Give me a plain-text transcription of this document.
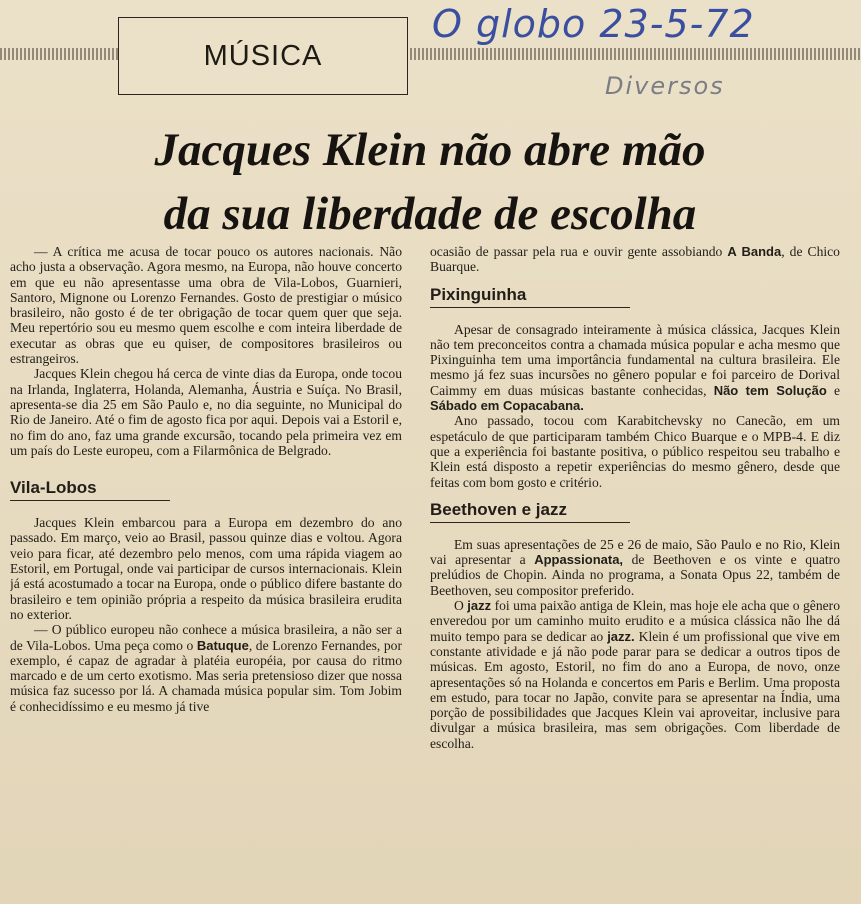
MÚSICA
O globo 23-5-72
Diversos
Jacques Klein não abre mão
da sua liberdade de escolha

— A crítica me acusa de tocar pouco os autores nacionais. Não acho justa a observação. Agora mesmo, na Europa, não houve concerto em que eu não apresentasse uma obra de Vila-Lobos, Guarnieri, Santoro, Mignone ou Lorenzo Fernandes. Gosto de prestigiar o músico brasileiro, não gosto é de ter obrigação de tocar quem quer que seja. Meu repertório sou eu mesmo quem escolhe e com inteira liberdade de executar as obras que eu quiser, de compositores brasileiros ou estrangeiros.

Jacques Klein chegou há cerca de vinte dias da Europa, onde tocou na Irlanda, Inglaterra, Holanda, Alemanha, Áustria e Suíça. No Brasil, apresenta-se dia 25 em São Paulo e, no dia seguinte, no Municipal do Rio de Janeiro. Até o fim de agosto fica por aqui. Depois vai a Estoril e, no fim do ano, faz uma grande excursão, tocando pela primeira vez em um país do Leste europeu, com a Filarmônica de Belgrado.

Vila-Lobos

Jacques Klein embarcou para a Europa em dezembro do ano passado. Em março, veio ao Brasil, passou quinze dias e voltou. Agora veio para ficar, até dezembro pelo menos, com uma rápida viagem ao Estoril, em Portugal, onde vai participar de cursos internacionais. Klein já está acostumado a tocar na Europa, onde o público difere bastante do brasileiro e tem opinião própria a respeito da música brasileira erudita no exterior.

— O público europeu não conhece a música brasileira, a não ser a de Vila-Lobos. Uma peça como o Batuque, de Lorenzo Fernandes, por exemplo, é capaz de agradar à platéia européia, por causa do ritmo marcado e de um certo exotismo. Mas seria pretensioso dizer que nossa música faz sucesso por lá. A chamada música popular sim. Tom Jobim é conhecidíssimo e eu mesmo já tive

ocasião de passar pela rua e ouvir gente assobiando A Banda, de Chico Buarque.

Pixinguinha

Apesar de consagrado inteiramente à música clássica, Jacques Klein não tem preconceitos contra a chamada música popular e acha mesmo que Pixinguinha tem uma importância fundamental na cultura brasileira. Ele mesmo já fez suas incursões no gênero popular e foi parceiro de Dorival Caimmy em duas músicas bastante conhecidas, Não tem Solução e Sábado em Copacabana.

Ano passado, tocou com Karabitchevsky no Canecão, em um espetáculo de que participaram também Chico Buarque e o MPB-4. E diz que a experiência foi bastante positiva, o público respeitou seu trabalho e Klein está disposto a repetir experiências do mesmo gênero, desde que feitas com bom gosto e critério.

Beethoven e jazz

Em suas apresentações de 25 e 26 de maio, São Paulo e no Rio, Klein vai apresentar a Appassionata, de Beethoven e os vinte e quatro prelúdios de Chopin. Ainda no programa, a Sonata Opus 22, também de Beethoven, seu compositor preferido.

O jazz foi uma paixão antiga de Klein, mas hoje ele acha que o gênero enveredou por um caminho muito erudito e a música clássica não lhe dá muito tempo para se dedicar ao jazz. Klein é um profissional que vive em constante atividade e já não pode parar para se dedicar a outros tipos de músicas. Em agosto, Estoril, no fim do ano a Europa, de novo, onze apresentações só na Holanda e concertos em Paris e Berlim. Uma proposta em estudo, para tocar no Japão, convite para se apresentar na Índia, uma porção de possibilidades que Jacques Klein vai aproveitar, inclusive para divulgar a música brasileira, mas sem obrigações. Com liberdade de escolha.
